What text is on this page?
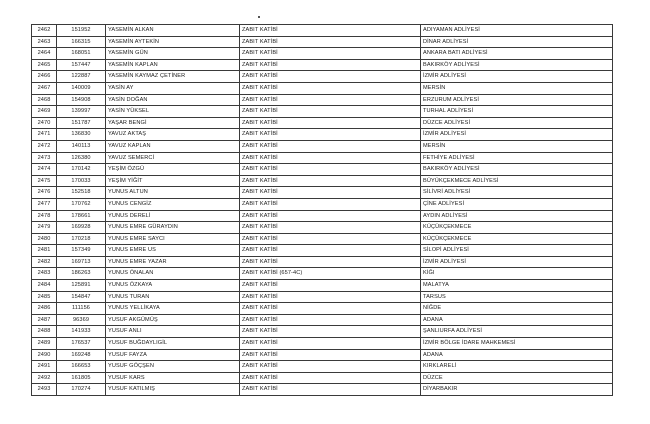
2462	151952	YASEMİN ALKAN	ZABIT KATİBİ	ADIYAMAN ADLİYESİ
2463	166315	YASEMİN AYTEKİN	ZABIT KATİBİ	DİNAR ADLİYESİ
2464	168051	YASEMİN GÜN	ZABIT KATİBİ	ANKARA BATI ADLİYESİ
2465	157447	YASEMİN KAPLAN	ZABIT KATİBİ	BAKIRKÖY ADLİYESİ
2466	122887	YASEMİN KAYMAZ ÇETİNER	ZABIT KATİBİ	İZMİR ADLİYESİ
2467	140009	YASİN AY	ZABIT KATİBİ	MERSİN
2468	154908	YASİN DOĞAN	ZABIT KATİBİ	ERZURUM ADLİYESİ
2469	139997	YASİN YÜKSEL	ZABIT KATİBİ	TURHAL ADLİYESİ
2470	151787	YAŞAR BENGİ	ZABIT KATİBİ	DÜZCE ADLİYESİ
2471	136830	YAVUZ AKTAŞ	ZABIT KATİBİ	İZMİR ADLİYESİ
2472	140113	YAVUZ KAPLAN	ZABIT KATİBİ	MERSİN
2473	126380	YAVUZ SEMERCİ	ZABIT KATİBİ	FETHİYE ADLİYESİ
2474	170142	YEŞİM ÖZGÜ	ZABIT KATİBİ	BAKIRKÖY ADLİYESİ
2475	170033	YEŞİM YİĞİT	ZABIT KATİBİ	BÜYÜKÇEKMECE ADLİYESİ
2476	152518	YUNUS ALTUN	ZABIT KATİBİ	SİLİVRİ ADLİYESİ
2477	170762	YUNUS CENGİZ	ZABIT KATİBİ	ÇİNE ADLİYESİ
2478	178661	YUNUS DERELİ	ZABIT KATİBİ	AYDIN ADLİYESİ
2479	169928	YUNUS EMRE GÜRAYDIN	ZABIT KATİBİ	KÜÇÜKÇEKMECE
2480	170218	YUNUS EMRE SAYCI	ZABIT KATİBİ	KÜÇÜKÇEKMECE
2481	157349	YUNUS EMRE US	ZABIT KATİBİ	SİLOPİ ADLİYESİ
2482	169713	YUNUS EMRE YAZAR	ZABIT KATİBİ	İZMİR ADLİYESİ
2483	186263	YUNUS ÖNALAN	ZABIT KATİBİ (657-4C)	KİĞI
2484	125891	YUNUS ÖZKAYA	ZABIT KATİBİ	MALATYA
2485	154847	YUNUS TURAN	ZABIT KATİBİ	TARSUS
2486	111156	YUNUS YELLİKAYA	ZABIT KATİBİ	NİĞDE
2487	96369	YUSUF AKGÜMÜŞ	ZABIT KATİBİ	ADANA
2488	141933	YUSUF ANLI	ZABIT KATİBİ	ŞANLIURFA ADLİYESİ
2489	176537	YUSUF BUĞDAYLIGİL	ZABIT KATİBİ	İZMİR BÖLGE İDARE MAHKEMESİ
2490	169248	YUSUF FAYZA	ZABIT KATİBİ	ADANA
2491	166653	YUSUF GÖÇŞEN	ZABIT KATİBİ	KIRKLARELİ
2492	161805	YUSUF KARS	ZABIT KATİBİ	DÜZCE
2493	170274	YUSUF KATILMIŞ	ZABIT KATİBİ	DİYARBAKIR
